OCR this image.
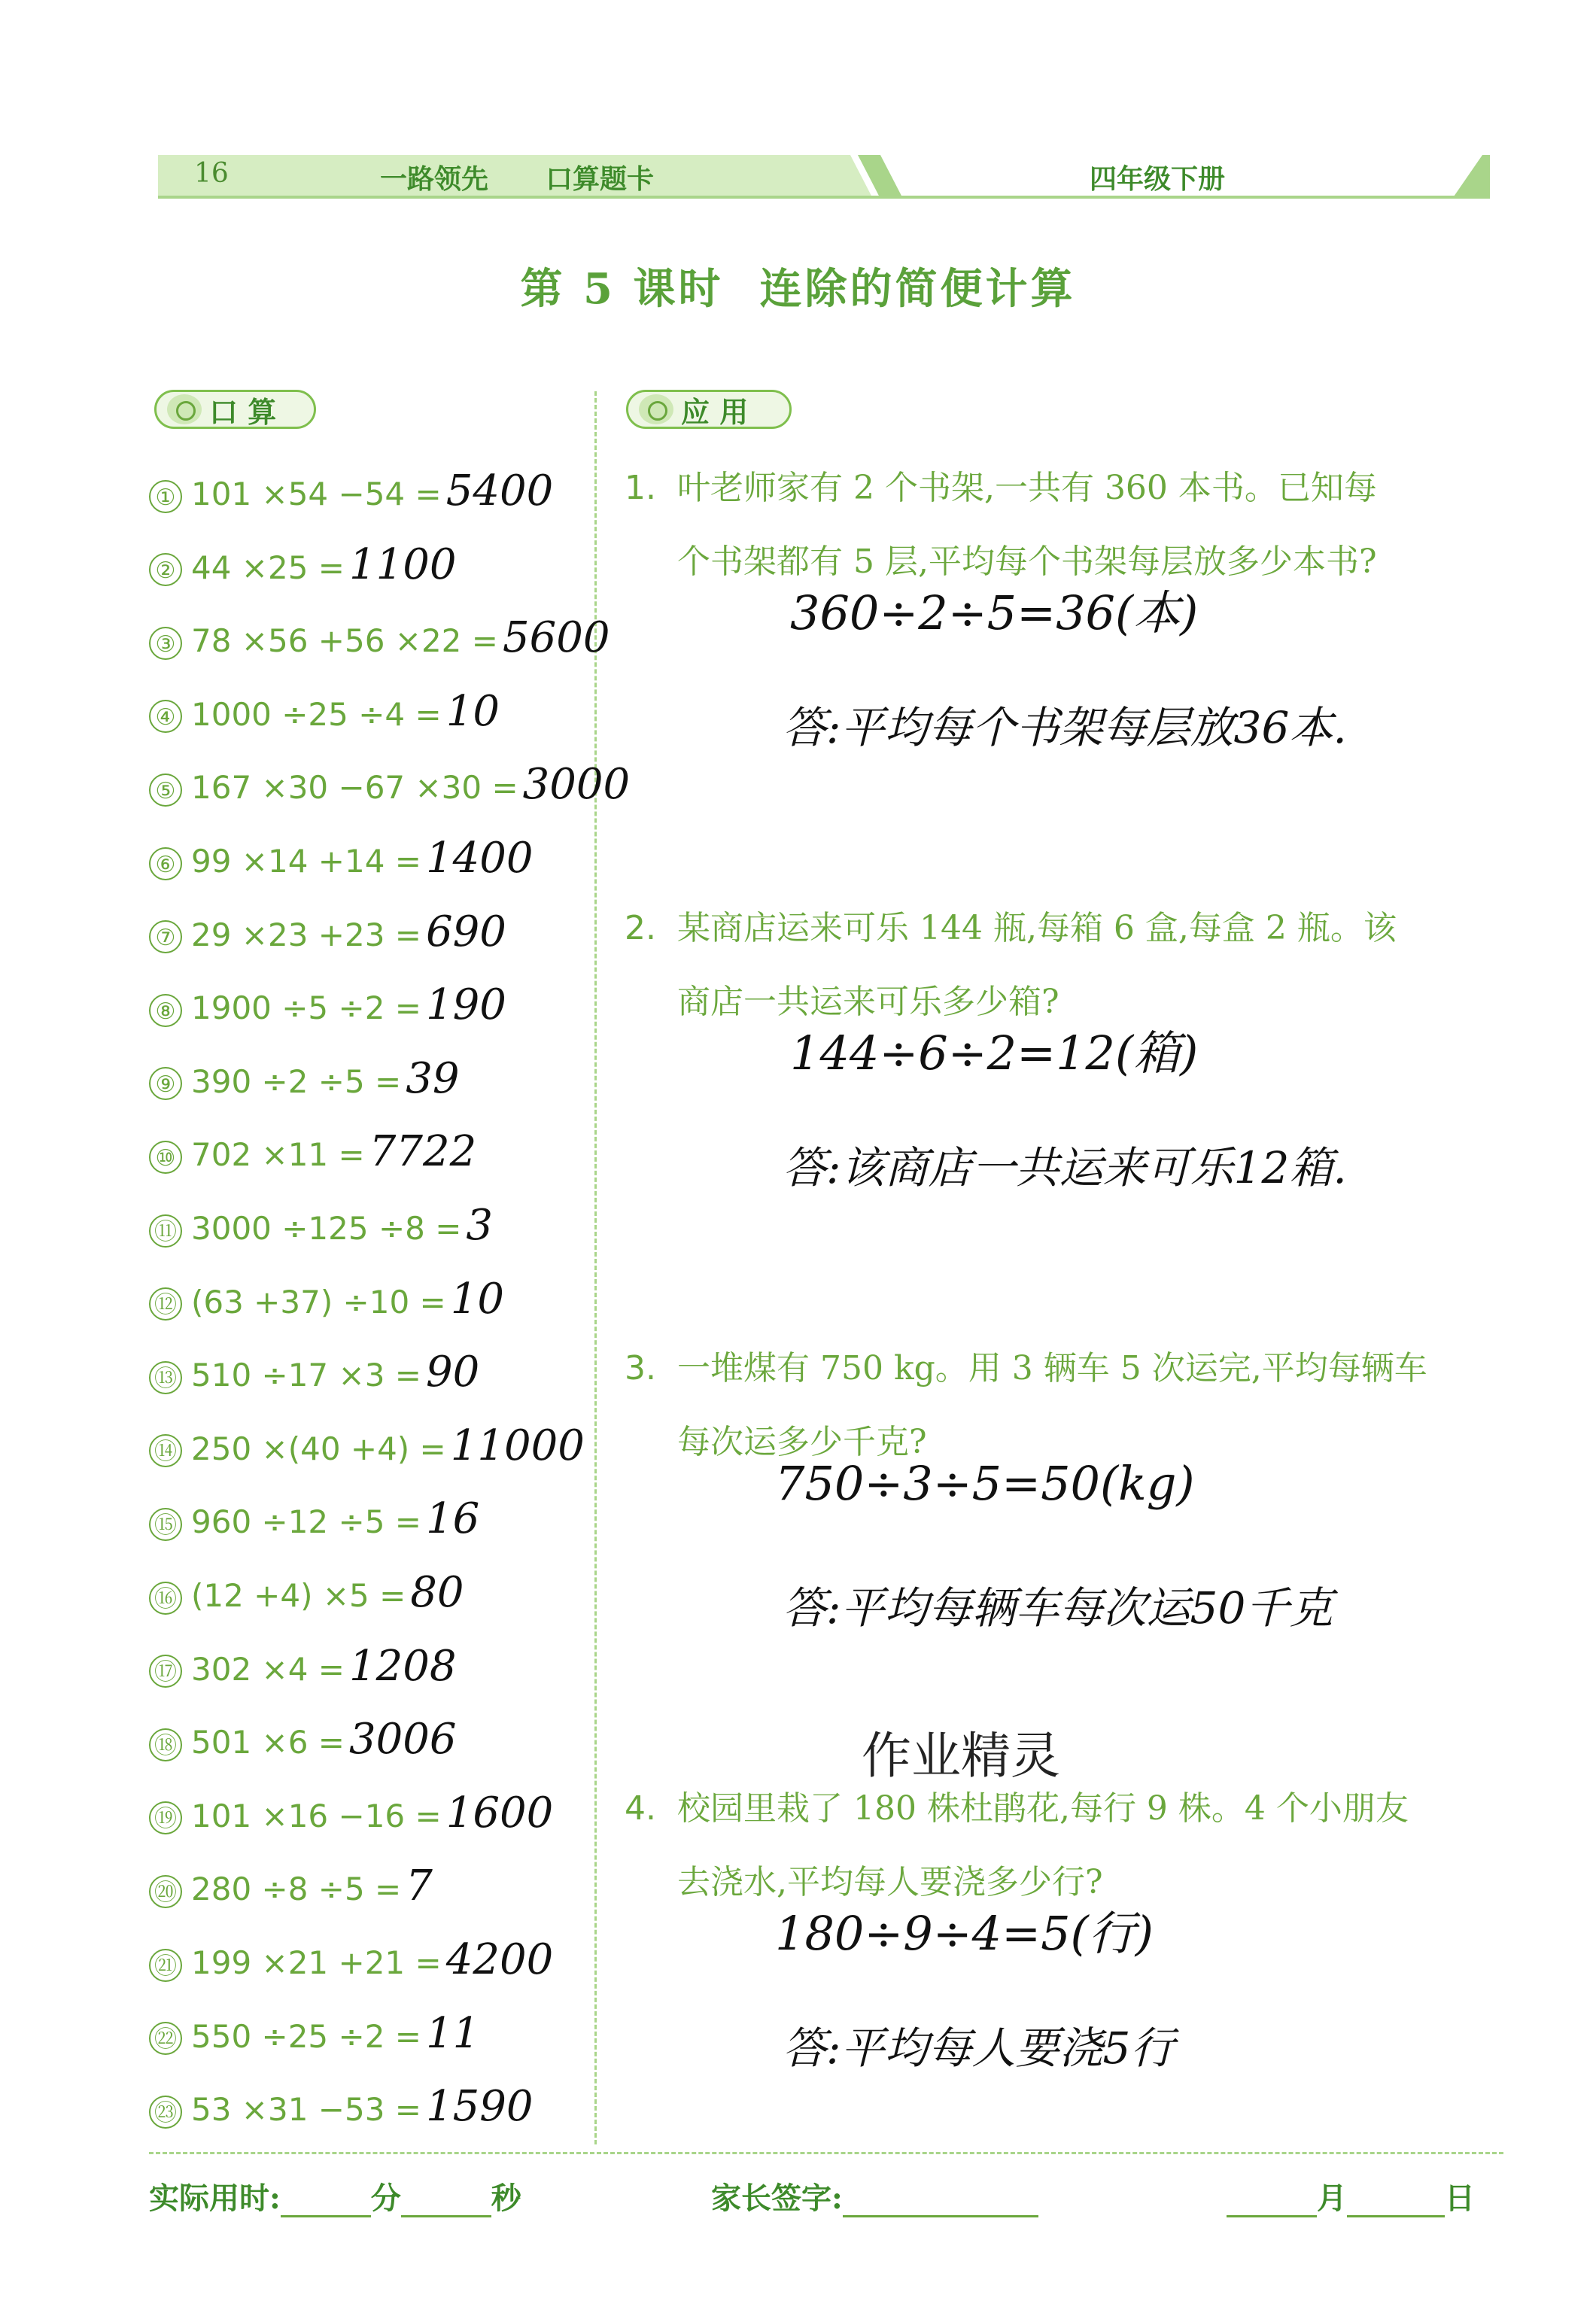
16	一路领先 口算题卡	四年级下册
第 5 课时 连除的简便计算
口 算	应 用
① 101 ×54 −54 = 5400
② 44 ×25 = 1100
③ 78 ×56 +56 ×22 = 5600
④ 1000 ÷25 ÷4 = 10
⑤ 167 ×30 −67 ×30 = 3000
⑥ 99 ×14 +14 = 1400
⑦ 29 ×23 +23 = 690
⑧ 1900 ÷5 ÷2 = 190
⑨ 390 ÷2 ÷5 = 39
⑩ 702 ×11 = 7722
⑪ 3000 ÷125 ÷8 = 3
⑫ (63 +37) ÷10 = 10
⑬ 510 ÷17 ×3 = 90
⑭ 250 ×(40 +4) = 11000
⑮ 960 ÷12 ÷5 = 16
⑯ (12 +4) ×5 = 80
⑰ 302 ×4 = 1208
⑱ 501 ×6 = 3006
⑲ 101 ×16 −16 = 1600
⑳ 280 ÷8 ÷5 = 7
㉑ 199 ×21 +21 = 4200
㉒ 550 ÷25 ÷2 = 11
㉓ 53 ×31 −53 = 1590
1. 叶老师家有 2 个书架,一共有 360 本书。已知每
个书架都有 5 层,平均每个书架每层放多少本书?
360÷2÷5=36(本)
答:平均每个书架每层放36本.
2. 某商店运来可乐 144 瓶,每箱 6 盒,每盒 2 瓶。该
商店一共运来可乐多少箱?
144÷6÷2=12(箱)
答:该商店一共运来可乐12箱.
3. 一堆煤有 750 kg。用 3 辆车 5 次运完,平均每辆车
每次运多少千克?
750÷3÷5=50(kg)
答:平均每辆车每次运50千克
4. 校园里栽了 180 株杜鹃花,每行 9 株。4 个小朋友
去浇水,平均每人要浇多少行?
180÷9÷4=5(行)
答:平均每人要浇5行
作业精灵
实际用时:	分	秒	家长签字:	月	日
